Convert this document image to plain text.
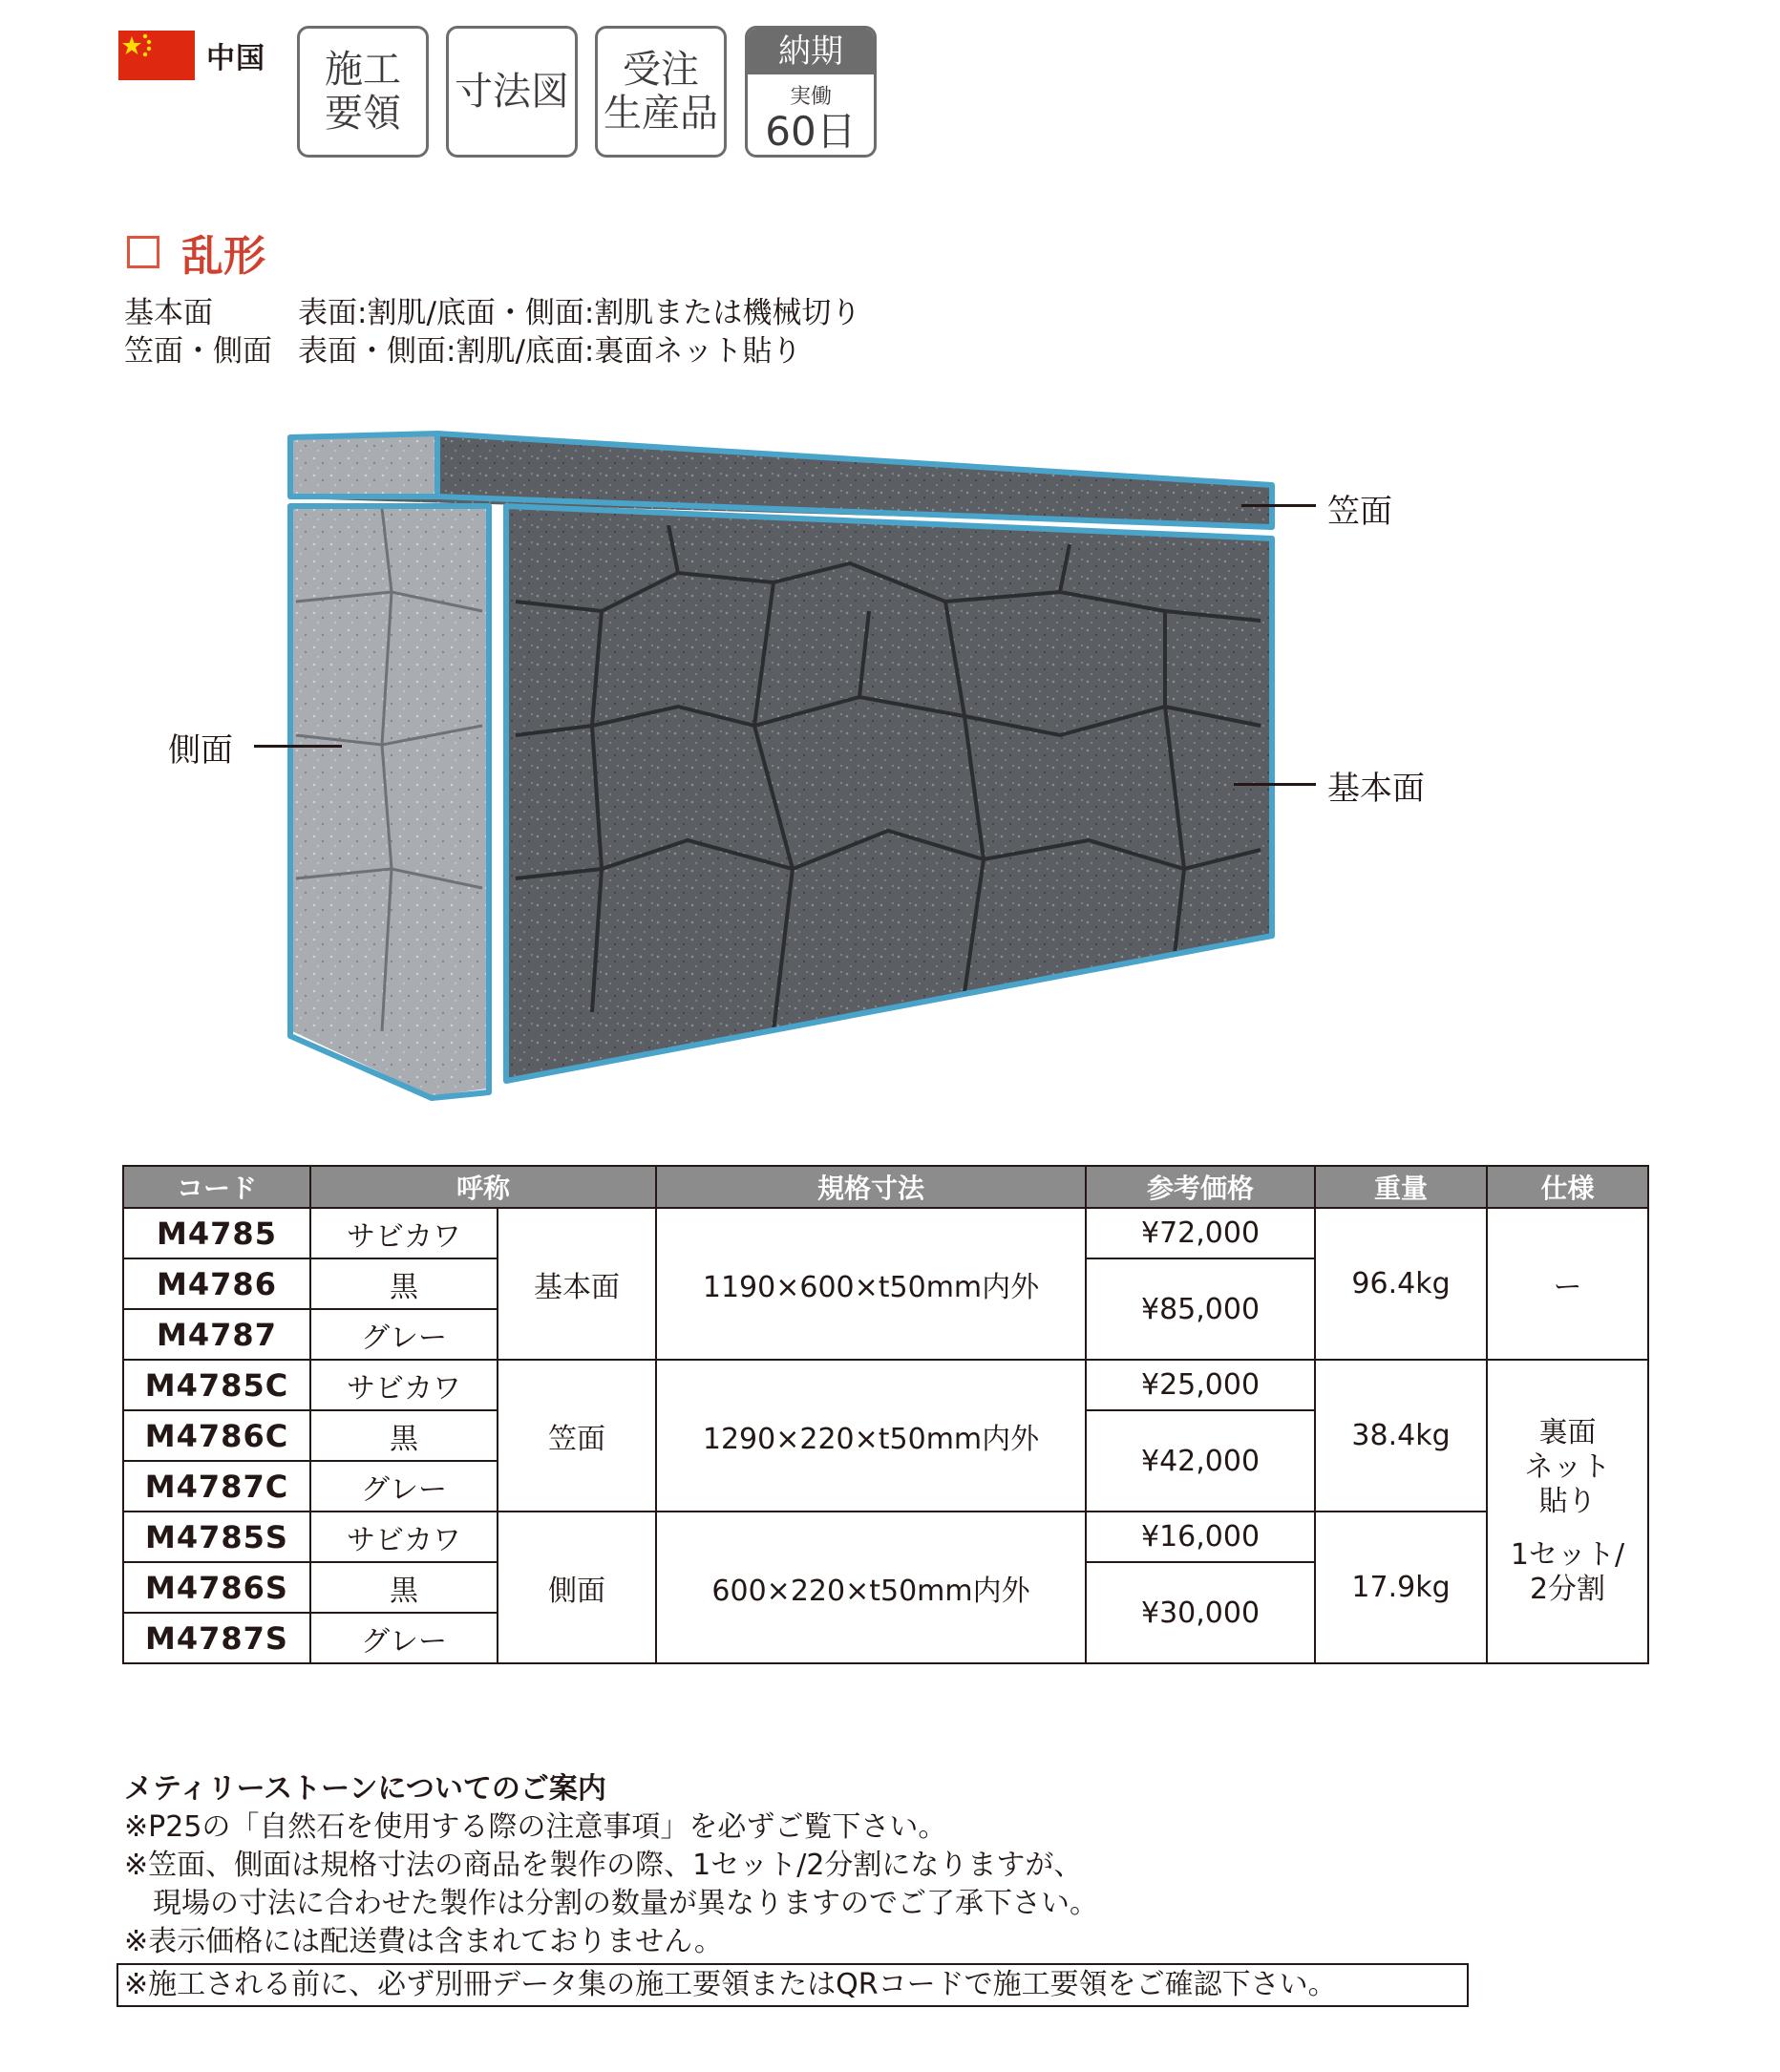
中国 施工
要領 寸法図 受注
生産品
納期
実働
60日
乱形
基本面	表面:割肌/底面・側面:割肌または機械切り
笠面・側面 表面・側面:割肌/底面:裏面ネット貼り
笠面
側面
基本面
コード	呼称		規格寸法	参考価格	重量	仕様
M4785	サビカワ	基本面	1190×600×t50mm内外	¥72,000	96.4kg	ー
M4786	黒			¥85,000		
M4787	グレー					
M4785C	サビカワ	笠面	1290×220×t50mm内外	¥25,000	38.4kg	裏面
ネット
貼り
1セット/
2分割

M4786C	黒			¥42,000		
M4787C	グレー					
M4785S	サビカワ	側面	600×220×t50mm内外	¥16,000	17.9kg	
M4786S	黒			¥30,000		
M4787S	グレー					
メティリーストーンについてのご案内
※P25の「自然石を使用する際の注意事項」を必ずご覧下さい。
※笠面、側面は規格寸法の商品を製作の際、1セット/2分割になりますが、
　現場の寸法に合わせた製作は分割の数量が異なりますのでご了承下さい。
※表示価格には配送費は含まれておりません。
※施工される前に、必ず別冊データ集の施工要領またはQRコードで施工要領をご確認下さい。
